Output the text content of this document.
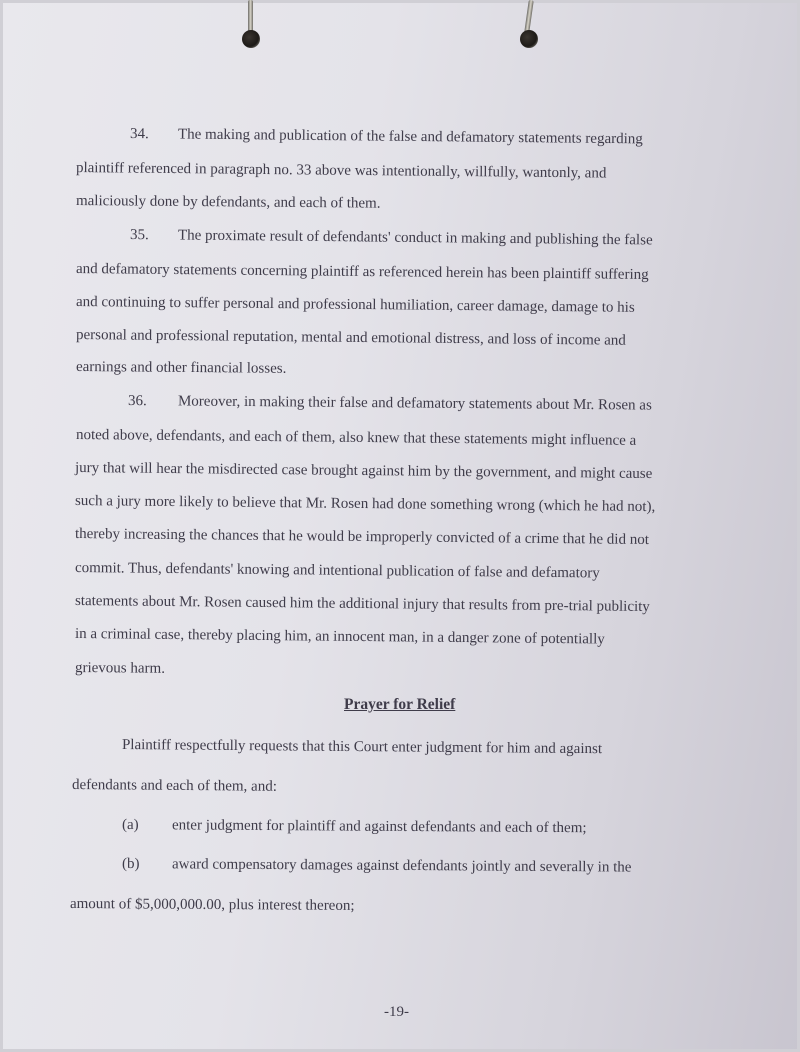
34. The making and publication of the false and defamatory statements regarding
plaintiff referenced in paragraph no. 33 above was intentionally, willfully, wantonly, and
maliciously done by defendants, and each of them.
35. The proximate result of defendants' conduct in making and publishing the false
and defamatory statements concerning plaintiff as referenced herein has been plaintiff suffering
and continuing to suffer personal and professional humiliation, career damage, damage to his
personal and professional reputation, mental and emotional distress, and loss of income and
earnings and other financial losses.
36. Moreover, in making their false and defamatory statements about Mr. Rosen as
noted above, defendants, and each of them, also knew that these statements might influence a
jury that will hear the misdirected case brought against him by the government, and might cause
such a jury more likely to believe that Mr. Rosen had done something wrong (which he had not),
thereby increasing the chances that he would be improperly convicted of a crime that he did not
commit. Thus, defendants' knowing and intentional publication of false and defamatory
statements about Mr. Rosen caused him the additional injury that results from pre-trial publicity
in a criminal case, thereby placing him, an innocent man, in a danger zone of potentially
grievous harm.
Prayer for Relief
Plaintiff respectfully requests that this Court enter judgment for him and against
defendants and each of them, and:
(a) enter judgment for plaintiff and against defendants and each of them;
(b) award compensatory damages against defendants jointly and severally in the
amount of $5,000,000.00, plus interest thereon;
-19-
